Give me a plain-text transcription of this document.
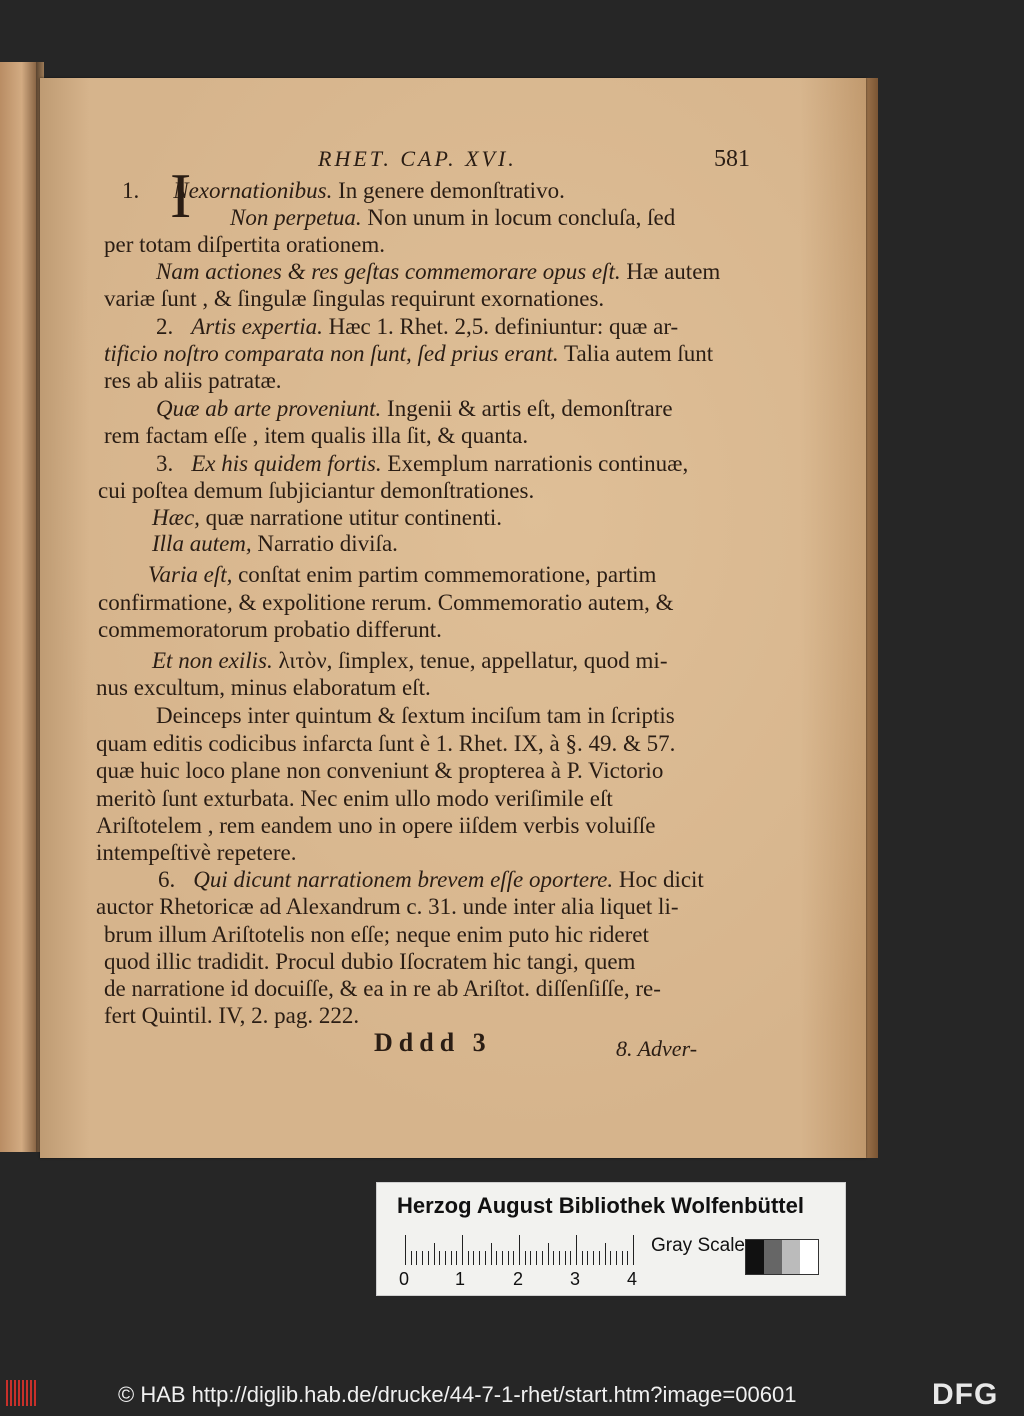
RHET. CAP. XVI.	581
I
1. Nexornationibus. In genere demonſtrativo.
Non perpetua. Non unum in locum concluſa, ſed
per totam diſpertita orationem.
Nam actiones & res geſtas commemorare opus eſt. Hæ autem
variæ ſunt , & ſingulæ ſingulas requirunt exornationes.
2. Artis expertia. Hæc 1. Rhet. 2,5. definiuntur: quæ ar-
tificio noſtro comparata non ſunt, ſed prius erant. Talia autem ſunt
res ab aliis patratæ.
Quæ ab arte proveniunt. Ingenii & artis eſt, demonſtrare
rem factam eſſe , item qualis illa ſit, & quanta.
3. Ex his quidem fortis. Exemplum narrationis continuæ,
cui poſtea demum ſubjiciantur demonſtrationes.
Hæc, quæ narratione utitur continenti.
Illa autem, Narratio diviſa.
Varia eſt, conſtat enim partim commemoratione, partim
confirmatione, & expolitione rerum. Commemoratio autem, &
commemoratorum probatio differunt.
Et non exilis. λιτὸν, ſimplex, tenue, appellatur, quod mi-
nus excultum, minus elaboratum eſt.
Deinceps inter quintum & ſextum inciſum tam in ſcriptis
quam editis codicibus infarcta ſunt è 1. Rhet. IX, à §. 49. & 57.
quæ huic loco plane non conveniunt & propterea à P. Victorio
meritò ſunt exturbata. Nec enim ullo modo veriſimile eſt
Ariſtotelem , rem eandem uno in opere iiſdem verbis voluiſſe
intempeſtivè repetere.
6. Qui dicunt narrationem brevem eſſe oportere. Hoc dicit
auctor Rhetoricæ ad Alexandrum c. 31. unde inter alia liquet li-
brum illum Ariſtotelis non eſſe; neque enim puto hic rideret
quod illic tradidit. Procul dubio Iſocratem hic tangi, quem
de narratione id docuiſſe, & ea in re ab Ariſtot. diſſenſiſſe, re-
fert Quintil. IV, 2. pag. 222.
Dddd 3	8. Adver-
Herzog August Bibliothek Wolfenbüttel
0	1	2	3	4
Gray Scale
© HAB http://diglib.hab.de/drucke/44-7-1-rhet/start.htm?image=00601	DFG
